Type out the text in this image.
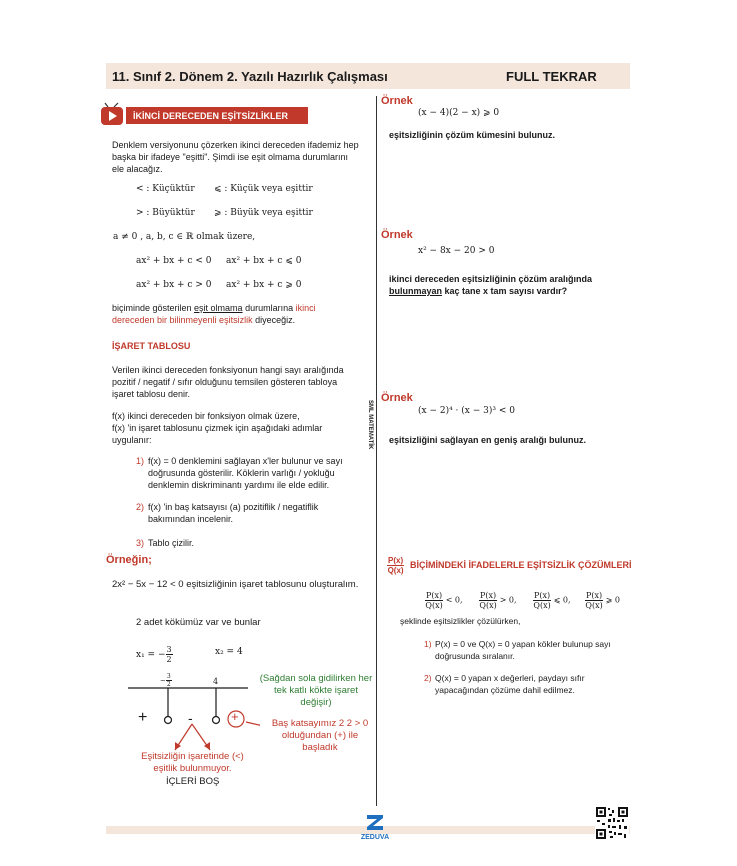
11. Sınıf 2. Dönem 2. Yazılı Hazırlık Çalışması	FULL TEKRAR
SML MATEMATİK
İKİNCİ DERECEDEN EŞİTSİZLİKLER
Denklem versiyonunu çözerken ikinci dereceden ifademiz hep başka bir ifadeye "eşitti". Şimdi ise eşit olmama durumlarını ele alacağız.
< : Küçüktür ⩽ : Küçük veya eşittir
> : Büyüktür ⩾ : Büyük veya eşittir
a ≠ 0 , a, b, c ∈ ℝ olmak üzere,
ax² + bx + c < 0 ax² + bx + c ⩽ 0
ax² + bx + c > 0 ax² + bx + c ⩾ 0
biçiminde gösterilen eşit olmama durumlarına ikinci dereceden bir bilinmeyenli eşitsizlik diyeceğiz.
İŞARET TABLOSU
Verilen ikinci dereceden fonksiyonun hangi sayı aralığında pozitif / negatif / sıfır olduğunu temsilen gösteren tabloya işaret tablosu denir.
f(x) ikinci dereceden bir fonksiyon olmak üzere,
f(x) 'in işaret tablosunu çizmek için aşağıdaki adımlar uygulanır:
1) f(x) = 0 denklemini sağlayan x'ler bulunur ve sayı doğrusunda gösterilir. Köklerin varlığı / yokluğu denklemin diskriminantı yardımı ile elde edilir.
2) f(x) 'in baş katsayısı (a) pozitiflik / negatiflik bakımından incelenir.
3) Tablo çizilir.
Örneğin;
2x² − 5x − 12 < 0 eşitsizliğinin işaret tablosunu oluşturalım.
2 adet kökümüz var ve bunlar
x₁ = − $\frac{3}{2}$	x₂ = 4
− $\frac{3}{2}$	4
+	-	+
(Sağdan sola gidilirken her tek katlı kökte işaret değişir)
Baş katsayımız 2 2 > 0 olduğundan (+) ile başladık
Eşitsizliğin işaretinde (<) eşitlik bulunmuyor.
İÇLERİ BOŞ
Örnek
(x − 4)(2 − x) ⩾ 0
eşitsizliğinin çözüm kümesini bulunuz.
Örnek
x² − 8x − 20 > 0
ikinci dereceden eşitsizliğinin çözüm aralığında bulunmayan kaç tane x tam sayısı vardır?
Örnek
(x − 2)⁴ · (x − 3)³ < 0
eşitsizliğini sağlayan en geniş aralığı bulunuz.
$\frac{P(x)}{Q(x)}$ BİÇİMİNDEKİ İFADELERLE EŞİTSİZLİK ÇÖZÜMLERİ
$\frac{P(x)}{Q(x)} < 0$, $\frac{P(x)}{Q(x)} > 0$, $\frac{P(x)}{Q(x)}$ ⩽ 0, $\frac{P(x)}{Q(x)}$ ⩾ 0
şeklinde eşitsizlikler çözülürken,
1) P(x) = 0 ve Q(x) = 0 yapan kökler bulunup sayı doğrusunda sıralanır.
2) Q(x) = 0 yapan x değerleri, paydayı sıfır yapacağından çözüme dahil edilmez.
ZEDUVA
